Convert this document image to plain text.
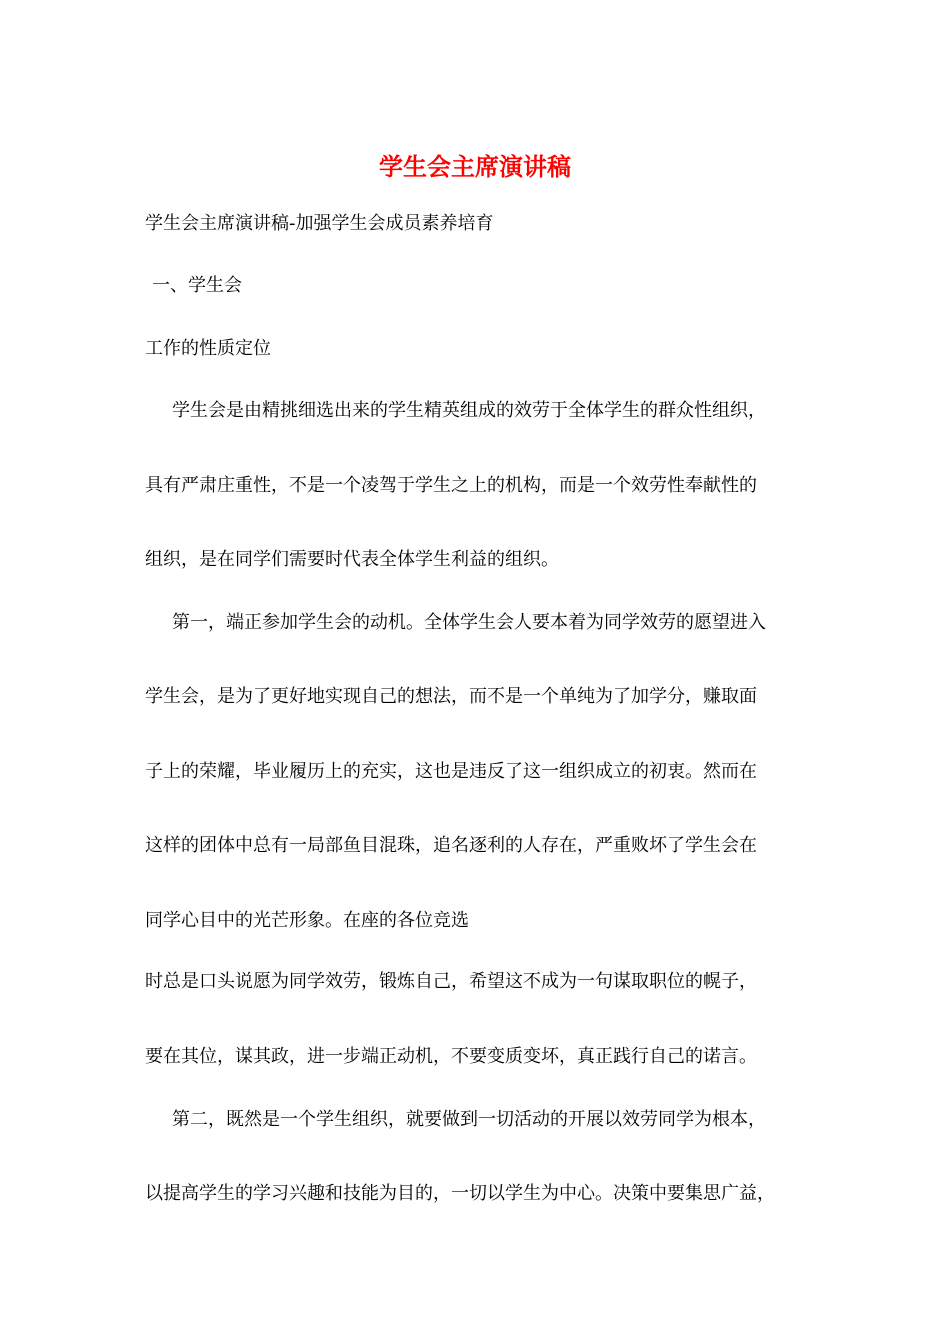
学生会主席演讲稿
学生会主席演讲稿-加强学生会成员素养培育
一、学生会
工作的性质定位
学生会是由精挑细选出来的学生精英组成的效劳于全体学生的群众性组织，
具有严肃庄重性，不是一个凌驾于学生之上的机构，而是一个效劳性奉献性的
组织，是在同学们需要时代表全体学生利益的组织。
第一，端正参加学生会的动机。全体学生会人要本着为同学效劳的愿望进入
学生会，是为了更好地实现自己的想法，而不是一个单纯为了加学分，赚取面
子上的荣耀，毕业履历上的充实，这也是违反了这一组织成立的初衷。然而在
这样的团体中总有一局部鱼目混珠，追名逐利的人存在，严重败坏了学生会在
同学心目中的光芒形象。在座的各位竞选
时总是口头说愿为同学效劳，锻炼自己，希望这不成为一句谋取职位的幌子，
要在其位，谋其政，进一步端正动机，不要变质变坏，真正践行自己的诺言。
第二，既然是一个学生组织，就要做到一切活动的开展以效劳同学为根本，
以提高学生的学习兴趣和技能为目的，一切以学生为中心。决策中要集思广益，
